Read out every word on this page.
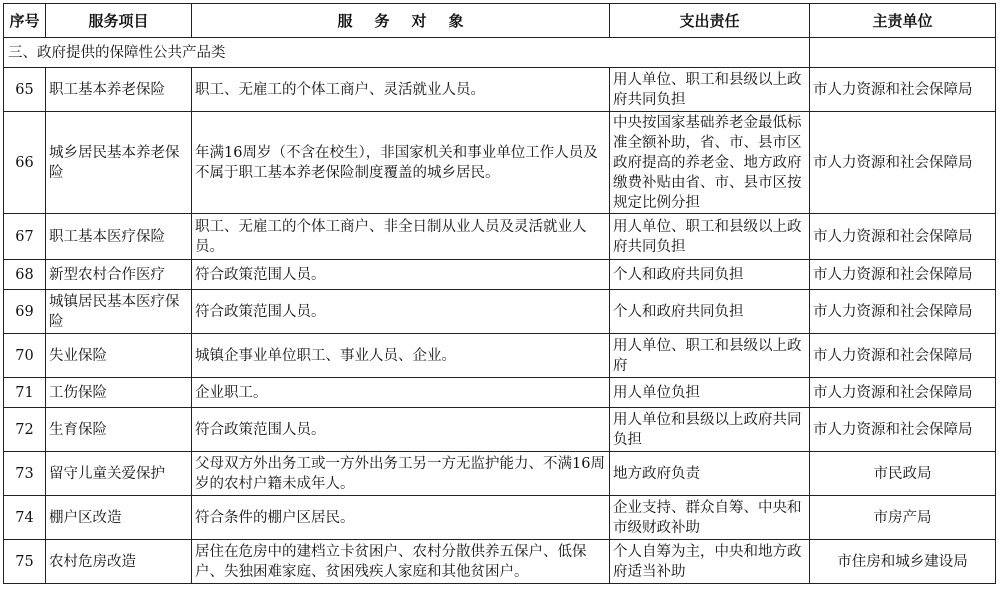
序号	服务项目	服务对象	支出责任	主责单位
三、政府提供的保障性公共产品类				
65	职工基本养老保险	职工、无雇工的个体工商户、灵活就业人员。	用人单位、职工和县级以上政府共同负担	市人力资源和社会保障局
66	城乡居民基本养老保险	年满16周岁（不含在校生），非国家机关和事业单位工作人员及不属于职工基本养老保险制度覆盖的城乡居民。	中央按国家基础养老金最低标准全额补助，省、市、县市区政府提高的养老金、地方政府缴费补贴由省、市、县市区按规定比例分担	市人力资源和社会保障局
67	职工基本医疗保险	职工、无雇工的个体工商户、非全日制从业人员及灵活就业人员。	用人单位、职工和县级以上政府共同负担	市人力资源和社会保障局
68	新型农村合作医疗	符合政策范围人员。	个人和政府共同负担	市人力资源和社会保障局
69	城镇居民基本医疗保险	符合政策范围人员。	个人和政府共同负担	市人力资源和社会保障局
70	失业保险	城镇企事业单位职工、事业人员、企业。	用人单位、职工和县级以上政府	市人力资源和社会保障局
71	工伤保险	企业职工。	用人单位负担	市人力资源和社会保障局
72	生育保险	符合政策范围人员。	用人单位和县级以上政府共同负担	市人力资源和社会保障局
73	留守儿童关爱保护	父母双方外出务工或一方外出务工另一方无监护能力、不满16周岁的农村户籍未成年人。	地方政府负责	市民政局
74	棚户区改造	符合条件的棚户区居民。	企业支持、群众自筹、中央和市级财政补助	市房产局
75	农村危房改造	居住在危房中的建档立卡贫困户、农村分散供养五保户、低保户、失独困难家庭、贫困残疾人家庭和其他贫困户。	个人自筹为主，中央和地方政府适当补助	市住房和城乡建设局
